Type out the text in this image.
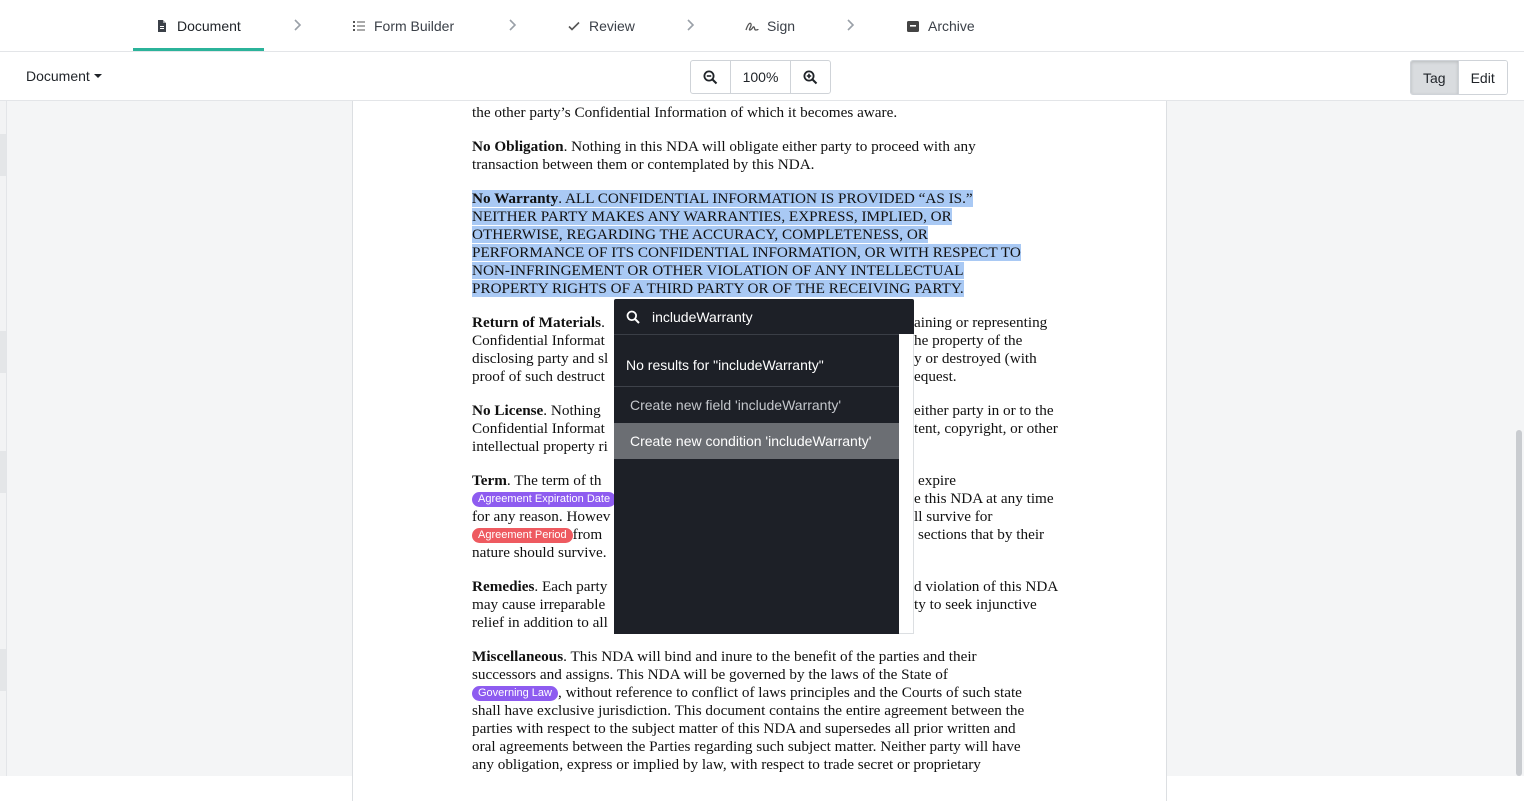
Document	Form Builder	Review	Sign	Archive
Document	100%	Tag	Edit
the other party’s Confidential Information of which it becomes aware.
No Obligation. Nothing in this NDA will obligate either party to proceed with any
transaction between them or contemplated by this NDA.
No Warranty. ALL CONFIDENTIAL INFORMATION IS PROVIDED “AS IS.”
NEITHER PARTY MAKES ANY WARRANTIES, EXPRESS, IMPLIED, OR
OTHERWISE, REGARDING THE ACCURACY, COMPLETENESS, OR
PERFORMANCE OF ITS CONFIDENTIAL INFORMATION, OR WITH RESPECT TO
NON-INFRINGEMENT OR OTHER VIOLATION OF ANY INTELLECTUAL
PROPERTY RIGHTS OF A THIRD PARTY OR OF THE RECEIVING PARTY.
Return of Materials.	aining or representing
Confidential Informat	he property of the
disclosing party and sl	y or destroyed (with
proof of such destruct	equest.
No License. Nothing	either party in or to the
Confidential Informat	tent, copyright, or other
intellectual property ri
Term. The term of th	expire
Agreement Expiration Date	e this NDA at any time
for any reason. Howev	ll survive for
Agreement Period from	sections that by their
nature should survive.
Remedies. Each party	d violation of this NDA
may cause irreparable	ty to seek injunctive
relief in addition to all
Miscellaneous. This NDA will bind and inure to the benefit of the parties and their
successors and assigns. This NDA will be governed by the laws of the State of
Governing Law , without reference to conflict of laws principles and the Courts of such state
shall have exclusive jurisdiction. This document contains the entire agreement between the
parties with respect to the subject matter of this NDA and supersedes all prior written and
oral agreements between the Parties regarding such subject matter. Neither party will have
any obligation, express or implied by law, with respect to trade secret or proprietary
includeWarranty
No results for "includeWarranty"
Create new field 'includeWarranty'
Create new condition 'includeWarranty'
